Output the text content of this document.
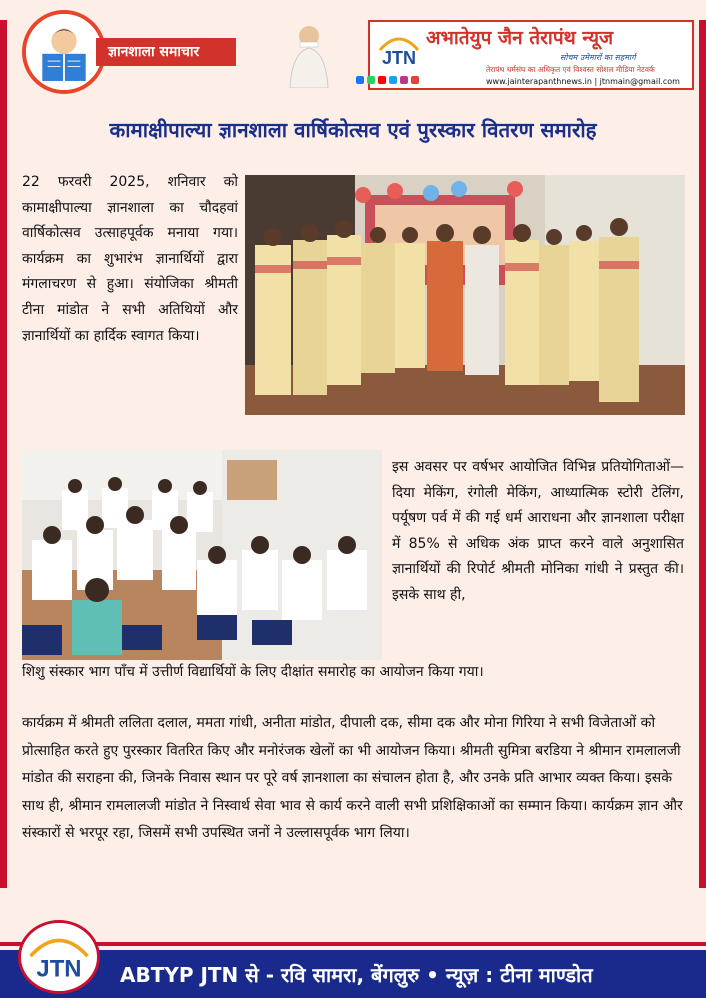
ज्ञानशाला समाचार	JTN
अभातेयुप जैन तेरापंथ न्यूज
सोचम उमेमारों का सहमार्ग
तेरापंथ धर्मसंघ का अधिकृत एवं विश्वस्त सोशल मीडिया नेटवर्क
www.jainterapanthnews.in | jtnmain@gmail.com
कामाक्षीपाल्या ज्ञानशाला वार्षिकोत्सव एवं पुरस्कार वितरण समारोह
22 फरवरी 2025, शनिवार को कामाक्षीपाल्या ज्ञानशाला का चौदहवां वार्षिकोत्सव उत्साहपूर्वक मनाया गया। कार्यक्रम का शुभारंभ ज्ञानार्थियों द्वारा मंगलाचरण से हुआ। संयोजिका श्रीमती टीना मांडोत ने सभी अतिथियों और ज्ञानार्थियों का हार्दिक स्वागत किया।
इस अवसर पर वर्षभर आयोजित विभिन्न प्रतियोगिताओं—दिया मेकिंग, रंगोली मेकिंग, आध्यात्मिक स्टोरी टेलिंग, पर्यूषण पर्व में की गई धर्म आराधना और ज्ञानशाला परीक्षा में 85% से अधिक अंक प्राप्त करने वाले अनुशासित ज्ञानार्थियों की रिपोर्ट श्रीमती मोनिका गांधी ने प्रस्तुत की। इसके साथ ही,
शिशु संस्कार भाग पाँच में उत्तीर्ण विद्यार्थियों के लिए दीक्षांत समारोह का आयोजन किया गया।
कार्यक्रम में श्रीमती ललिता दलाल, ममता गांधी, अनीता मांडोत, दीपाली दक, सीमा दक और मोना गिरिया ने सभी विजेताओं को प्रोत्साहित करते हुए पुरस्कार वितरित किए और मनोरंजक खेलों का भी आयोजन किया। श्रीमती सुमित्रा बरडिया ने श्रीमान रामलालजी मांडोत की सराहना की, जिनके निवास स्थान पर पूरे वर्ष ज्ञानशाला का संचालन होता है, और उनके प्रति आभार व्यक्त किया। इसके साथ ही, श्रीमान रामलालजी मांडोत ने निस्वार्थ सेवा भाव से कार्य करने वाली सभी प्रशिक्षिकाओं का सम्मान किया। कार्यक्रम ज्ञान और संस्कारों से भरपूर रहा, जिसमें सभी उपस्थित जनों ने उल्लासपूर्वक भाग लिया।
JTN ABTYP JTN से - रवि सामरा, बेंगलुरु • न्यूज़ : टीना माण्डोत
